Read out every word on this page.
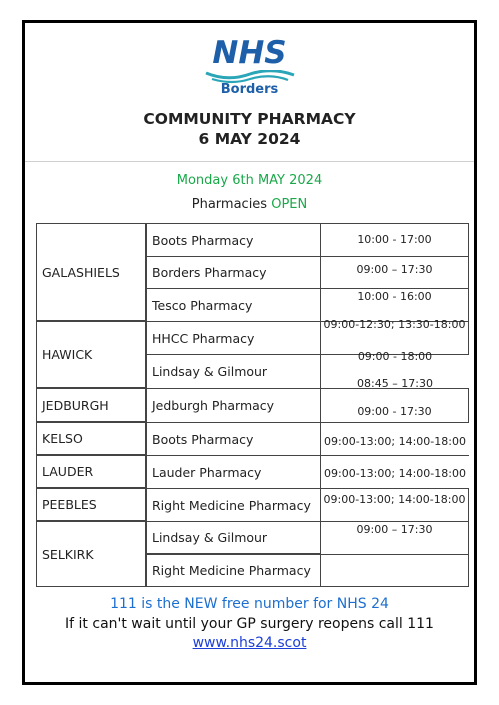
NHS
Borders
COMMUNITY PHARMACY
6 MAY 2024
Monday 6th MAY 2024
Pharmacies OPEN
GALASHIELS
HAWICK
JEDBURGH
KELSO
LAUDER
PEEBLES
SELKIRK
Boots Pharmacy
Borders Pharmacy
Tesco Pharmacy
HHCC Pharmacy
Lindsay & Gilmour
Jedburgh Pharmacy
Boots Pharmacy
Lauder Pharmacy
Right Medicine Pharmacy
Lindsay & Gilmour
Right Medicine Pharmacy
10:00 - 17:00
09:00 – 17:30
10:00 - 16:00
09:00-12:30; 13:30-18:00
09:00 - 18:00
08:45 – 17:30
09:00 - 17:30
09:00-13:00; 14:00-18:00
09:00-13:00; 14:00-18:00
09:00-13:00; 14:00-18:00
09:00 – 17:30
111 is the NEW free number for NHS 24
If it can't wait until your GP surgery reopens call 111
www.nhs24.scot
